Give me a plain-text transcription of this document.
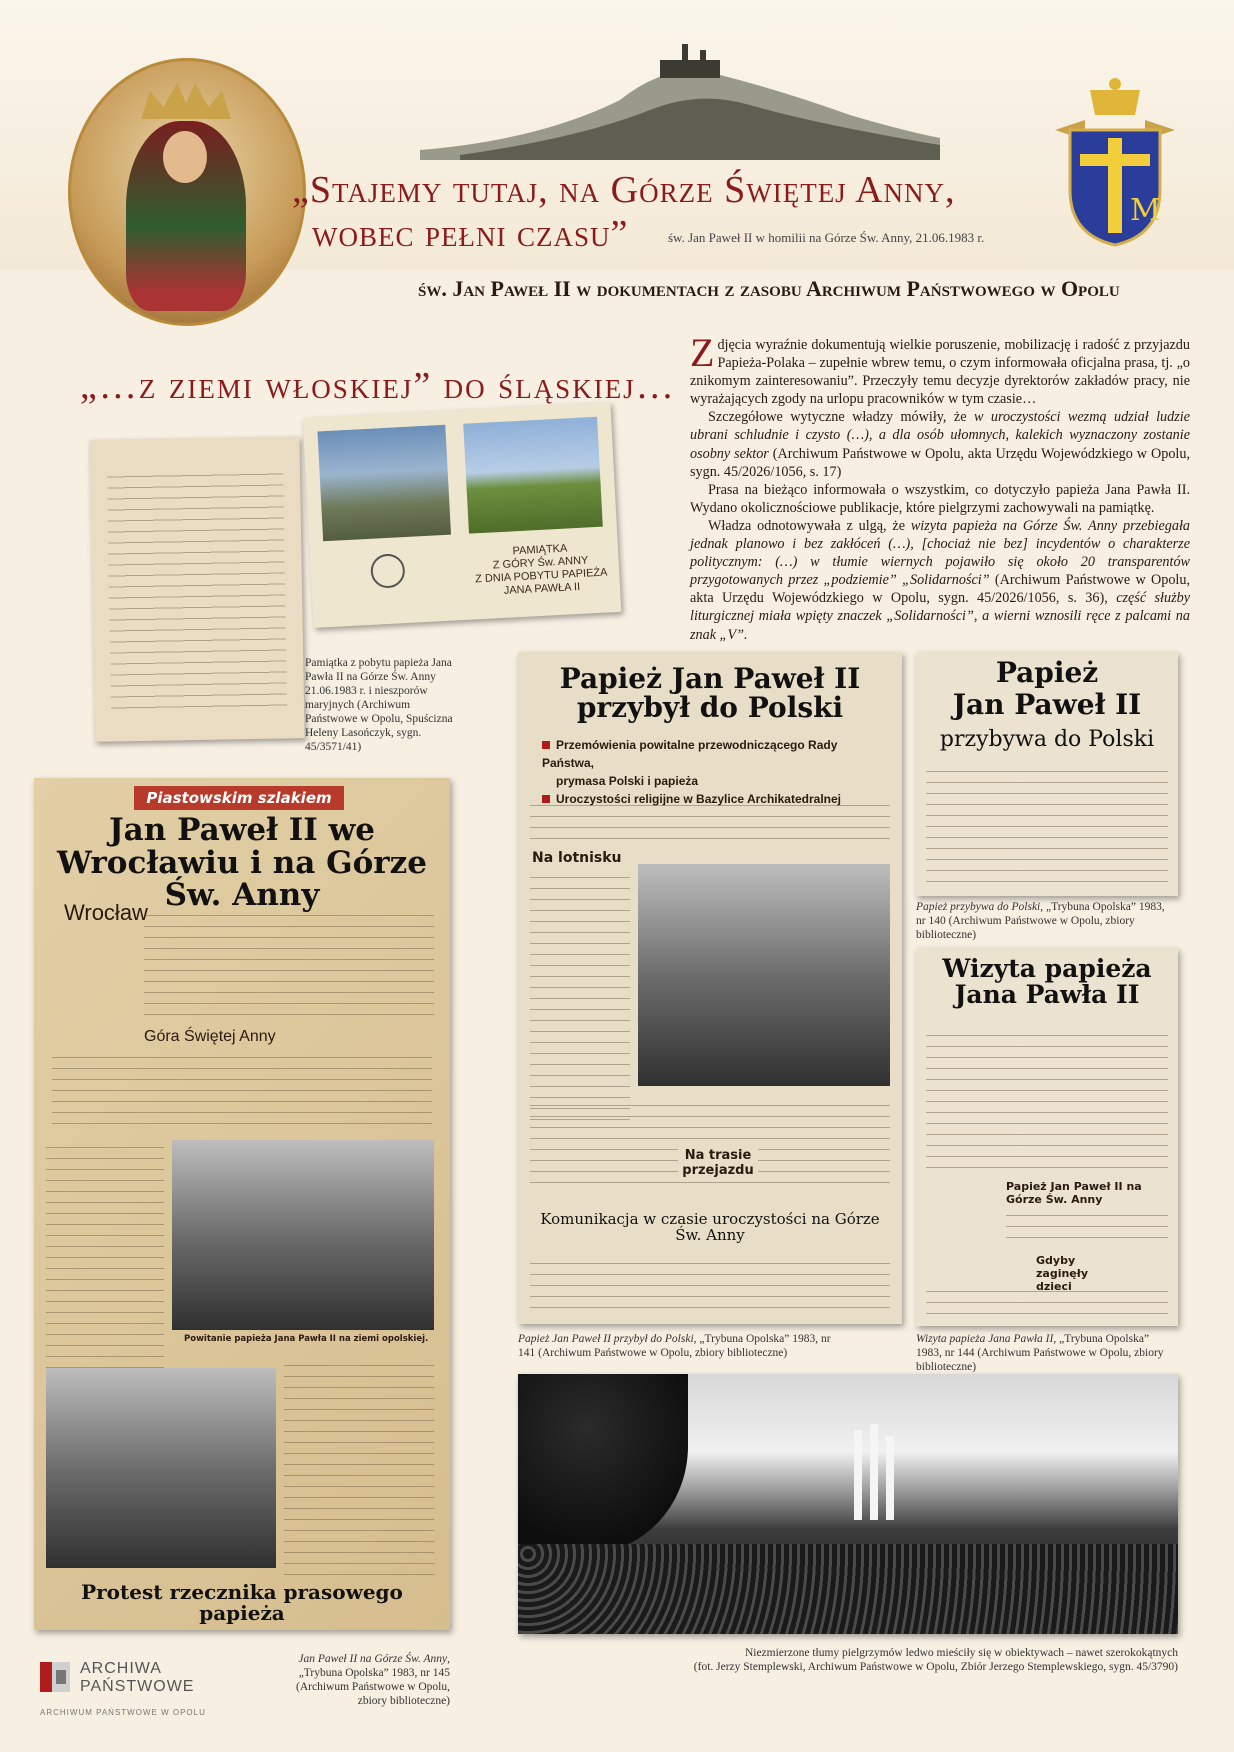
M
„Stajemy tutaj, na Górze Świętej Anny,
wobec pełni czasu”	św. Jan Paweł II w homilii na Górze Św. Anny, 21.06.1983 r.
św. Jan Paweł II w dokumentach z zasobu Archiwum Państwowego w Opolu
„…z ziemi włoskiej” do śląskiej…

Zdjęcia wyraźnie dokumentują wielkie poruszenie, mobilizację i radość z przyjazdu Papieża-Polaka – zupełnie wbrew temu, o czym informowała oficjalna prasa, tj. „o znikomym zainteresowaniu”. Przeczyły temu decyzje dyrektorów zakładów pracy, nie wyrażających zgody na urlopu pracowników w tym czasie…

Szczegółowe wytyczne władzy mówiły, że w uroczystości wezmą udział ludzie ubrani schludnie i czysto (…), a dla osób ułomnych, kalekich wyznaczony zostanie osobny sektor (Archiwum Państwowe w Opolu, akta Urzędu Wojewódzkiego w Opolu, sygn. 45/2026/1056, s. 17)

Prasa na bieżąco informowała o wszystkim, co dotyczyło papieża Jana Pawła II. Wydano okolicznościowe publikacje, które pielgrzymi zachowywali na pamiątkę.

Władza odnotowywała z ulgą, że wizyta papieża na Górze Św. Anny przebiegała jednak planowo i bez zakłóceń (…), [chociaż nie bez] incydentów o charakterze politycznym: (…) w tłumie wiernych pojawiło się około 20 transparentów przygotowanych przez „podziemie” „Solidarności” (Archiwum Państwowe w Opolu, akta Urzędu Wojewódzkiego w Opolu, sygn. 45/2026/1056, s. 36), część służby liturgicznej miała wpięty znaczek „Solidarności”, a wierni wznosili ręce z palcami na znak „V”.

PAMIĄTKA
Z GÓRY Św. ANNY
Z DNIA POBYTU PAPIEŻA
JANA PAWŁA II
Pamiątka z pobytu papieża Jana Pawła II na Górze Św. Anny 21.06.1983 r. i nieszporów maryjnych (Archiwum Państwowe w Opolu, Spuścizna Heleny Lasończyk, sygn. 45/3571/41)
Piastowskim szlakiem
Jan Paweł II we Wrocławiu i na Górze Św. Anny
Wrocław
Góra Świętej Anny
Powitanie papieża Jana Pawła II na ziemi opolskiej.
Protest rzecznika prasowego papieża
Jan Paweł II na Górze Św. Anny, „Trybuna Opolska” 1983, nr 145 (Archiwum Państwowe w Opolu, zbiory biblioteczne)
Papież Jan Paweł II przybył do Polski
Przemówienia powitalne przewodniczącego Rady Państwa,
prymasa Polski i papieża
Uroczystości religijne w Bazylice Archikatedralnej
Na lotnisku
Na trasie przejazdu
Komunikacja w czasie uroczystości na Górze Św. Anny
Papież Jan Paweł II przybył do Polski, „Trybuna Opolska” 1983, nr 141 (Archiwum Państwowe w Opolu, zbiory biblioteczne)
Papież
Jan Paweł II
przybywa do Polski
Papież przybywa do Polski, „Trybuna Opolska” 1983, nr 140 (Archiwum Państwowe w Opolu, zbiory biblioteczne)
Wizyta papieża Jana Pawła II
Papież Jan Paweł II na Górze Św. Anny
Gdyby zaginęły dzieci
Wizyta papieża Jana Pawła II, „Trybuna Opolska” 1983, nr 144 (Archiwum Państwowe w Opolu, zbiory biblioteczne)
Niezmierzone tłumy pielgrzymów ledwo mieściły się w obiektywach – nawet szerokokątnych
(fot. Jerzy Stemplewski, Archiwum Państwowe w Opolu, Zbiór Jerzego Stemplewskiego, sygn. 45/3790)
ARCHIWA
PAŃSTWOWE
ARCHIWUM PAŃSTWOWE W OPOLU
